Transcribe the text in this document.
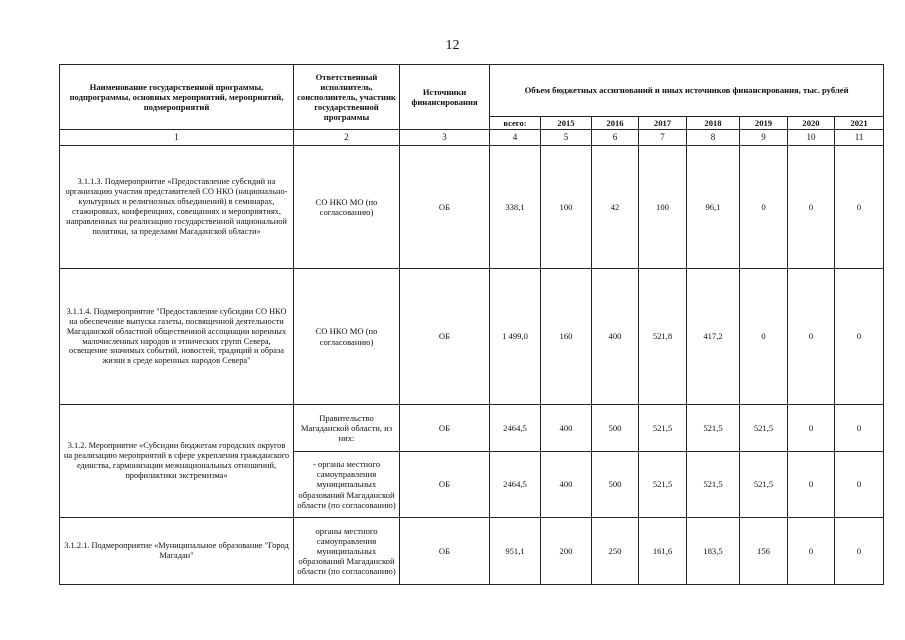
12
Наименование государственной программы, подпрограммы, основных мероприятий, мероприятий, подмероприятий	Ответственный исполнитель, соисполнитель, участник государственной программы	Источники финансирования	Объем бюджетных ассигнований и иных источников финансирования, тыс. рублей							
			всего:	2015	2016	2017	2018	2019	2020	2021
1	2	3	4	5	6	7	8	9	10	11
3.1.1.3. Подмероприятие «Предоставление субсидий на организацию участия представителей СО НКО (национально-культурных и религиозных объединений) в семинарах, стажировках, конференциях, совещаниях и мероприятиях, направленных на реализацию государственной национальной политики, за пределами Магаданской области»	СО НКО МО (по согласованию)	ОБ	338,1	100	42	100	96,1	0	0	0
3.1.1.4. Подмероприятие "Предоставление субсидии СО НКО на обеспечение выпуска газеты, посвященной деятельности Магаданской областной общественной ассоциации коренных малочисленных народов и этнических групп Севера, освещение значимых событий, новостей, традиций и образа жизни в среде коренных народов Севера"	СО НКО МО (по согласованию)	ОБ	1 499,0	160	400	521,8	417,2	0	0	0
3.1.2. Мероприятие «Субсидии бюджетам городских округов на реализацию мероприятий в сфере укрепления гражданского единства, гармонизации межнациональных отношений, профилактики экстремизма»	Правительство Магаданской области, из них:	ОБ	2464,5	400	500	521,5	521,5	521,5	0	0
	- органы местного самоуправления муниципальных образований Магаданской области (по согласованию)	ОБ	2464,5	400	500	521,5	521,5	521,5	0	0
3.1.2.1. Подмероприятие «Муниципальное образование "Город Магадан"	органы местного самоуправления муниципальных образований Магаданской области (по согласованию)	ОБ	951,1	200	250	161,6	183,5	156	0	0
